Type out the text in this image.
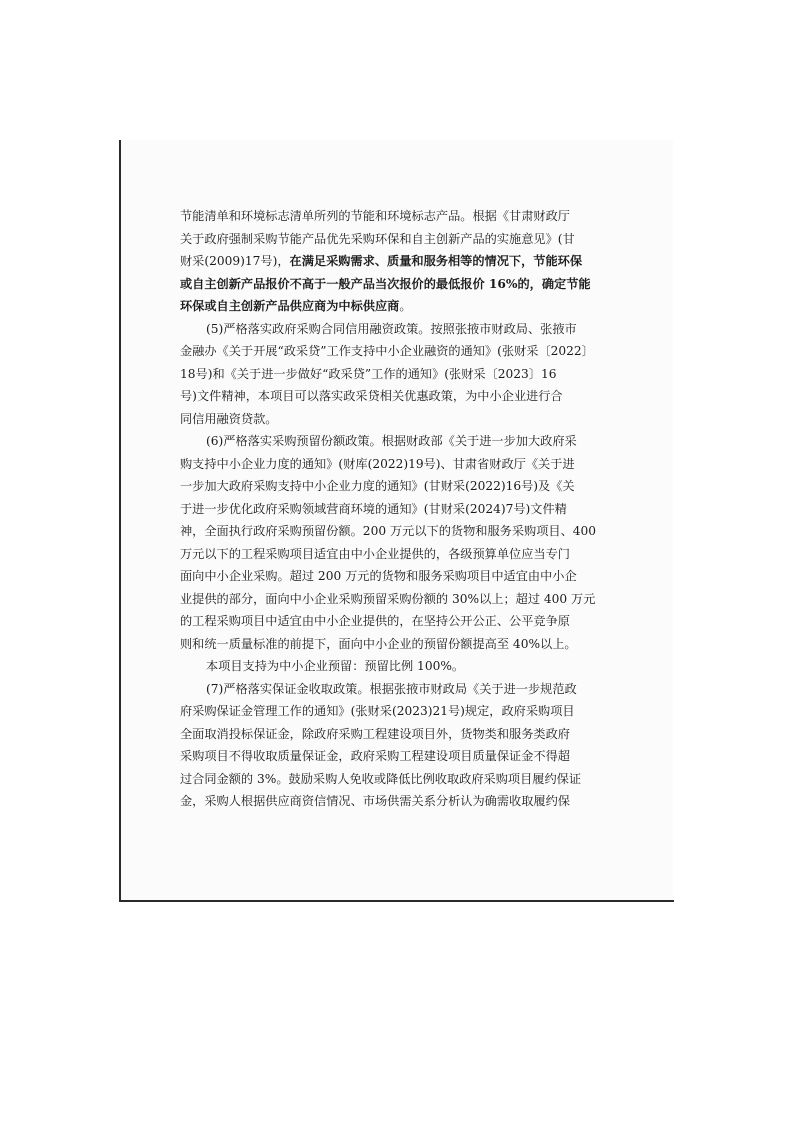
节能清单和环境标志清单所列的节能和环境标志产品。根据《甘肃财政厅
关于政府强制采购节能产品优先采购环保和自主创新产品的实施意见》(甘
财采(2009)17号)，在满足采购需求、质量和服务相等的情况下，节能环保
或自主创新产品报价不高于一般产品当次报价的最低报价 16%的，确定节能
环保或自主创新产品供应商为中标供应商。
(5)严格落实政府采购合同信用融资政策。按照张掖市财政局、张掖市
金融办《关于开展“政采贷”工作支持中小企业融资的通知》(张财采〔2022〕
18号)和《关于进一步做好“政采贷”工作的通知》(张财采〔2023〕16
号)文件精神，本项目可以落实政采贷相关优惠政策，为中小企业进行合
同信用融资贷款。
(6)严格落实采购预留份额政策。根据财政部《关于进一步加大政府采
购支持中小企业力度的通知》(财库(2022)19号)、甘肃省财政厅《关于进
一步加大政府采购支持中小企业力度的通知》(甘财采(2022)16号)及《关
于进一步优化政府采购领域营商环境的通知》(甘财采(2024)7号)文件精
神，全面执行政府采购预留份额。200 万元以下的货物和服务采购项目、400
万元以下的工程采购项目适宜由中小企业提供的，各级预算单位应当专门
面向中小企业采购。超过 200 万元的货物和服务采购项目中适宜由中小企
业提供的部分，面向中小企业采购预留采购份额的 30%以上；超过 400 万元
的工程采购项目中适宜由中小企业提供的，在坚持公开公正、公平竞争原
则和统一质量标准的前提下，面向中小企业的预留份额提高至 40%以上。
本项目支持为中小企业预留：预留比例 100%。
(7)严格落实保证金收取政策。根据张掖市财政局《关于进一步规范政
府采购保证金管理工作的通知》(张财采(2023)21号)规定，政府采购项目
全面取消投标保证金，除政府采购工程建设项目外，货物类和服务类政府
采购项目不得收取质量保证金，政府采购工程建设项目质量保证金不得超
过合同金额的 3%。鼓励采购人免收或降低比例收取政府采购项目履约保证
金，采购人根据供应商资信情况、市场供需关系分析认为确需收取履约保
